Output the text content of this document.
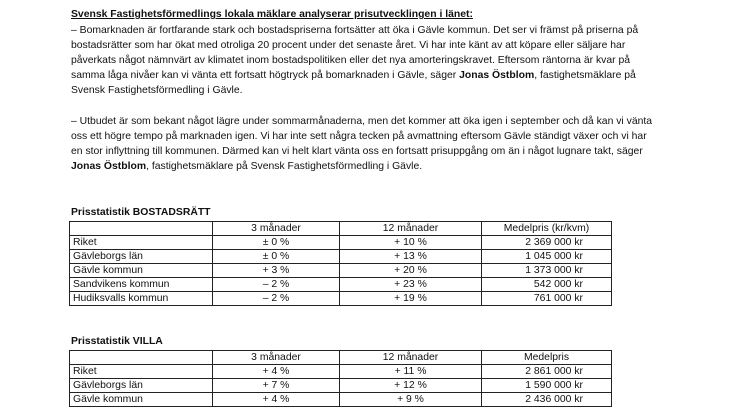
Svensk Fastighetsförmedlings lokala mäklare analyserar prisutvecklingen i länet:

– Bomarknaden är fortfarande stark och bostadspriserna fortsätter att öka i Gävle kommun. Det ser vi främst på priserna på bostadsrätter som har ökat med otroliga 20 procent under det senaste året. Vi har inte känt av att köpare eller säljare har påverkats något nämnvärt av klimatet inom bostadspolitiken eller det nya amorteringskravet. Eftersom räntorna är kvar på samma låga nivåer kan vi vänta ett fortsatt högtryck på bomarknaden i Gävle, säger Jonas Östblom, fastighetsmäklare på Svensk Fastighetsförmedling i Gävle.

– Utbudet är som bekant något lägre under sommarmånaderna, men det kommer att öka igen i september och då kan vi vänta oss ett högre tempo på marknaden igen. Vi har inte sett några tecken på avmattning eftersom Gävle ständigt växer och vi har en stor inflyttning till kommunen. Därmed kan vi helt klart vänta oss en fortsatt prisuppgång om än i något lugnare takt, säger Jonas Östblom, fastighetsmäklare på Svensk Fastighetsförmedling i Gävle.

Prisstatistik BOSTADSRÄTT
	3 månader	12 månader	Medelpris (kr/kvm)
Riket	± 0 %	+ 10 %	2 369 000 kr
Gävleborgs län	± 0 %	+ 13 %	1 045 000 kr
Gävle kommun	+ 3 %	+ 20 %	1 373 000 kr
Sandvikens kommun	– 2 %	+ 23 %	542 000 kr
Hudiksvalls kommun	– 2 %	+ 19 %	761 000 kr
Prisstatistik VILLA
	3 månader	12 månader	Medelpris
Riket	+ 4 %	+ 11 %	2 861 000 kr
Gävleborgs län	+ 7 %	+ 12 %	1 590 000 kr
Gävle kommun	+ 4 %	+ 9 %	2 436 000 kr
